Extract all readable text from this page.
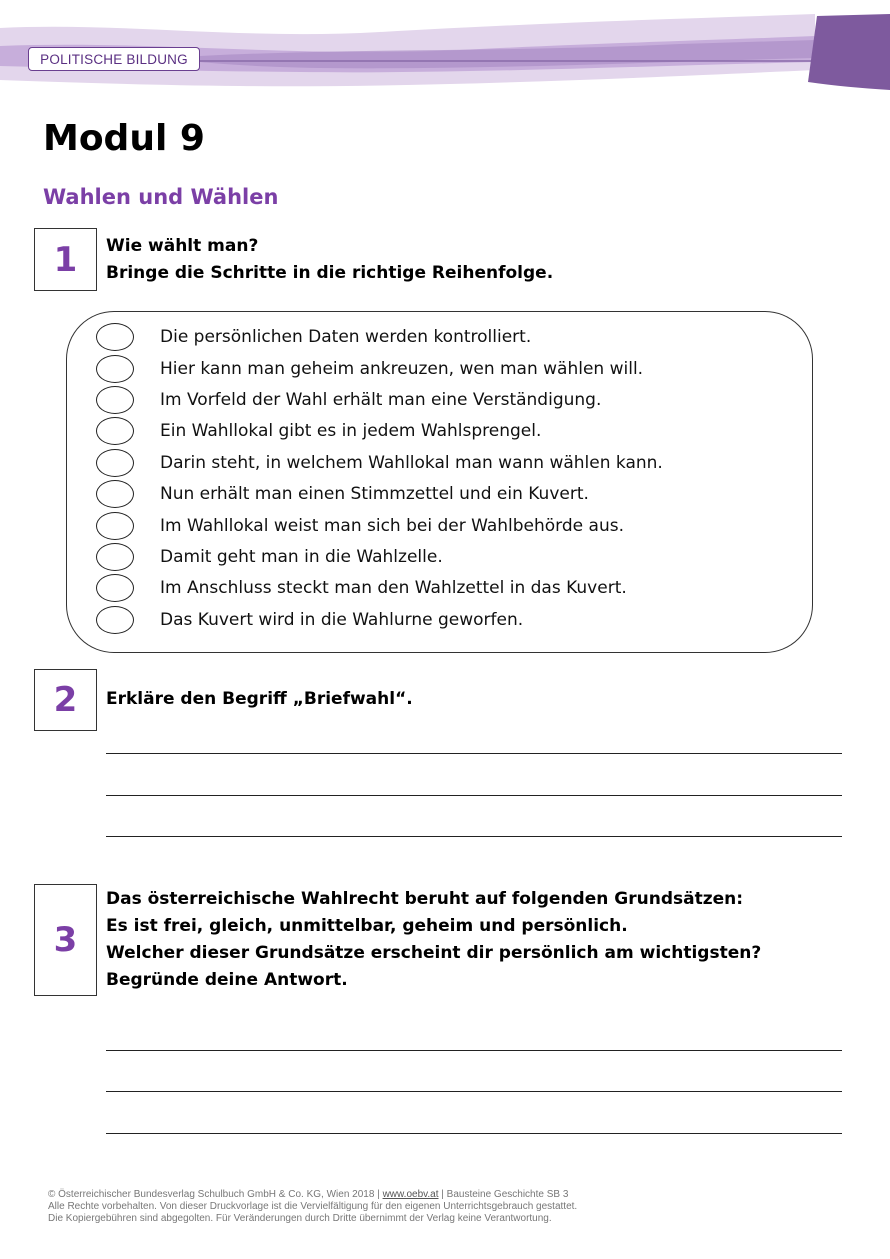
POLITISCHE BILDUNG
Modul 9
Wahlen und Wählen
1	Wie wählt man?
Bringe die Schritte in die richtige Reihenfolge.
Die persönlichen Daten werden kontrolliert.
Hier kann man geheim ankreuzen, wen man wählen will.
Im Vorfeld der Wahl erhält man eine Verständigung.
Ein Wahllokal gibt es in jedem Wahlsprengel.
Darin steht, in welchem Wahllokal man wann wählen kann.
Nun erhält man einen Stimmzettel und ein Kuvert.
Im Wahllokal weist man sich bei der Wahlbehörde aus.
Damit geht man in die Wahlzelle.
Im Anschluss steckt man den Wahlzettel in das Kuvert.
Das Kuvert wird in die Wahlurne geworfen.
2	Erkläre den Begriff „Briefwahl“.
3
Das österreichische Wahlrecht beruht auf folgenden Grundsätzen:
Es ist frei, gleich, unmittelbar, geheim und persönlich.
Welcher dieser Grundsätze erscheint dir persönlich am wichtigsten?
Begründe deine Antwort.
© Österreichischer Bundesverlag Schulbuch GmbH & Co. KG, Wien 2018 | www.oebv.at | Bausteine Geschichte SB 3
Alle Rechte vorbehalten. Von dieser Druckvorlage ist die Vervielfältigung für den eigenen Unterrichtsgebrauch gestattet.
Die Kopiergebühren sind abgegolten. Für Veränderungen durch Dritte übernimmt der Verlag keine Verantwortung.
